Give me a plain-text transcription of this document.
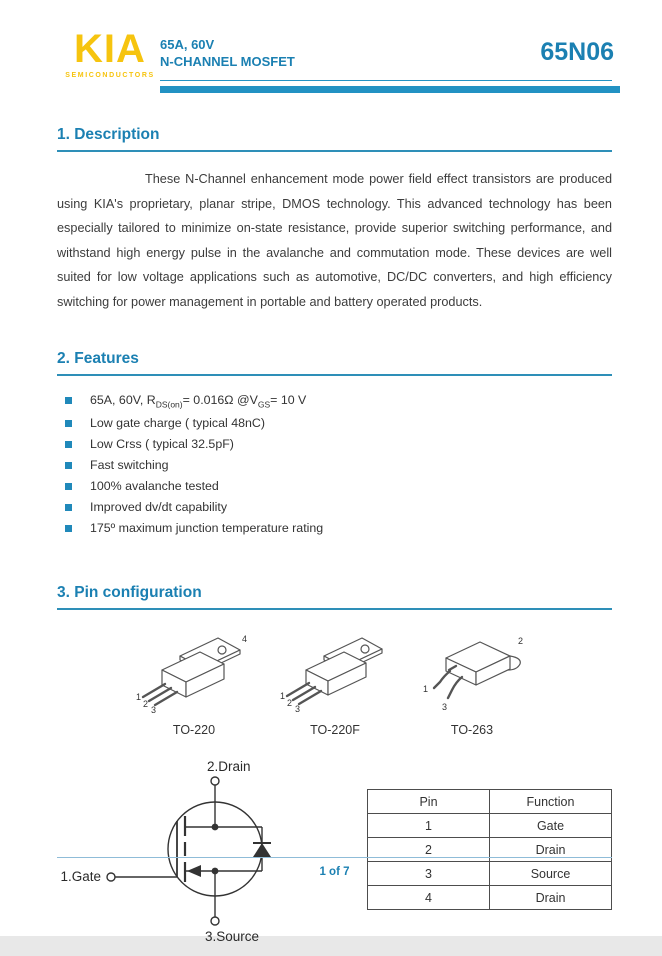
KIA
SEMICONDUCTORS
65A, 60V
N-CHANNEL MOSFET	65N06
1. Description

These N-Channel enhancement mode power field effect transistors are produced using KIA's proprietary, planar stripe, DMOS technology. This advanced technology has been especially tailored to minimize on-state resistance, provide superior switching performance, and withstand high energy pulse in the avalanche and commutation mode. These devices are well suited for low voltage applications such as automotive, DC/DC converters, and high efficiency switching for power management in portable and battery operated products.

2. Features
65A, 60V, $R_{DS(on)}= 0.016\Omega$ $@V_{GS}= 10$ V
Low gate charge ( typical 48nC)
Low Crss ( typical 32.5pF)
Fast switching
100% avalanche tested
Improved dv/dt capability
175º maximum junction temperature rating
3. Pin configuration
1
2
3
4
TO-220
1
2
3
TO-220F
1
3
2
TO-263
2.Drain
1.Gate
3.Source
Pin	Function
1	Gate
2	Drain
3	Source
4	Drain
1 of 7
